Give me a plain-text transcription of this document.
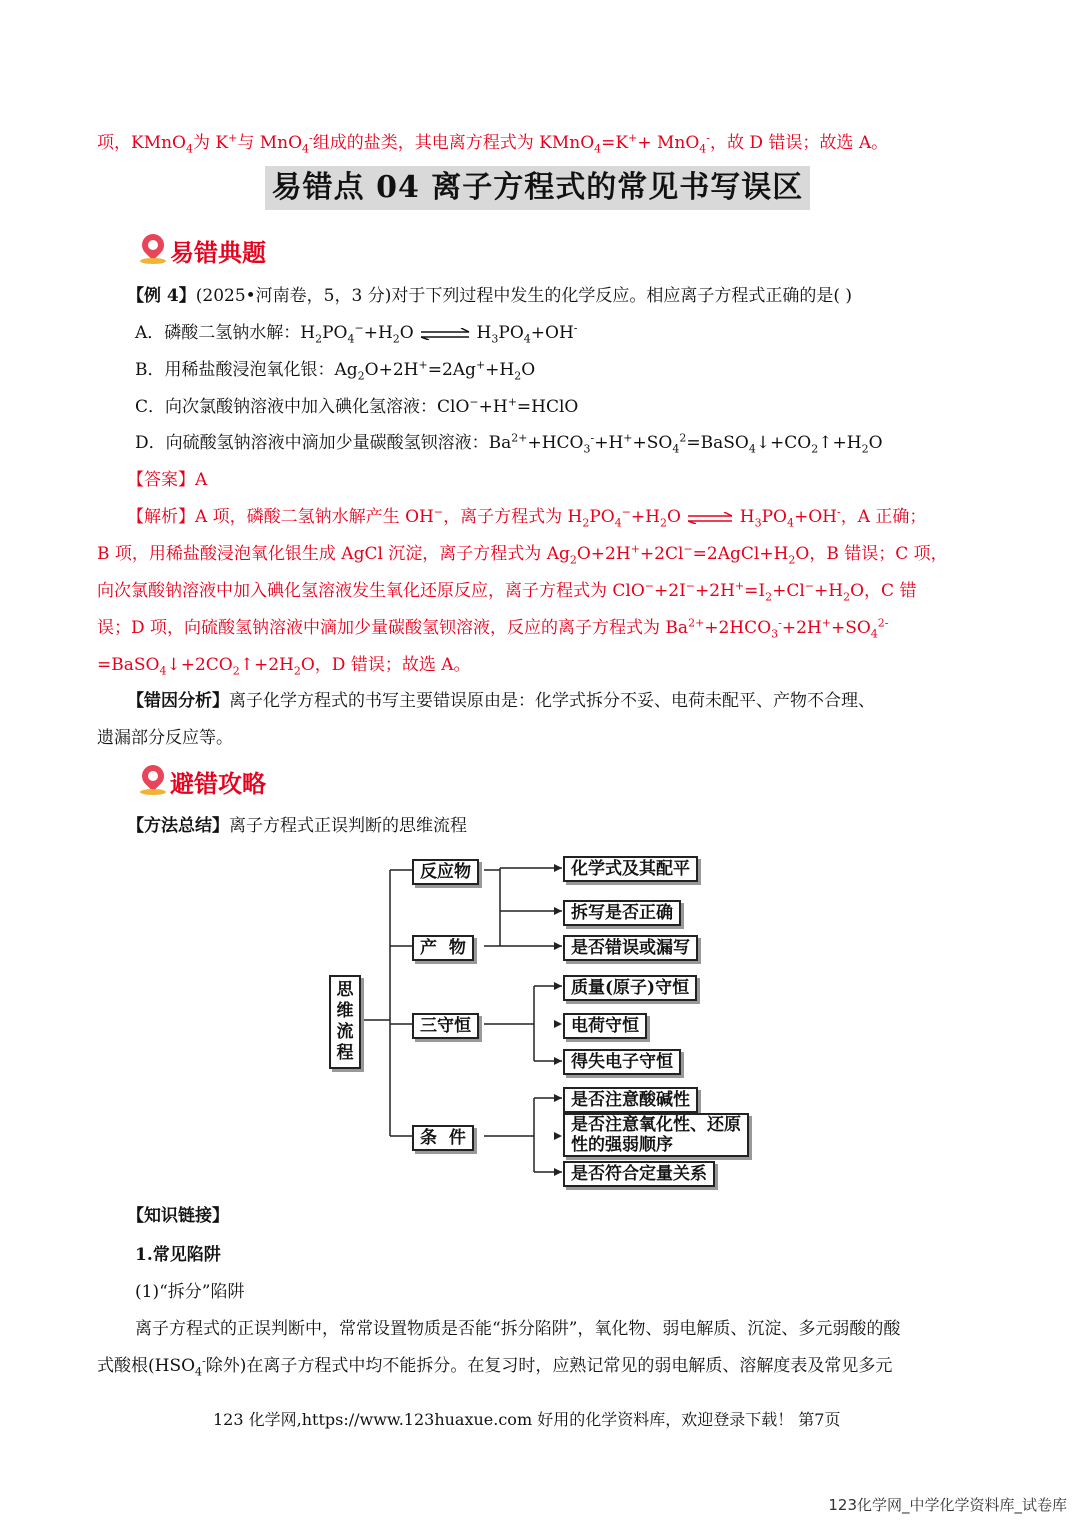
项，KMnO$_4$为 K+与 MnO$_4$-组成的盐类，其电离方程式为 KMnO$_4$=K++ MnO$_4$-，故 D 错误；故选 A。
易错点 04 离子方程式的常见书写误区
易错典题
【例 4】(2025•河南卷，5，3 分)对于下列过程中发生的化学反应。相应离子方程式正确的是( )
A．磷酸二氢钠水解：$H_2PO_4^-+H_2O$ ⇌ $H_3PO_4+OH^-$
B．用稀盐酸浸泡氧化银：$Ag_2O+2H^+=2Ag^++H_2O$
C．向次氯酸钠溶液中加入碘化氢溶液：ClO−+H+=HClO
D．向硫酸氢钠溶液中滴加少量碳酸氢钡溶液：$Ba^{2+}+HCO_3^-+H^++SO_4^2=BaSO_4↓+CO_2↑+H_2O$
【答案】A
【解析】A 项，磷酸二氢钠水解产生 OH−，离子方程式为 $H_2PO_4^-+H_2O$ ⇌ $H_3PO_4+OH^-$，A 正确；
B 项，用稀盐酸浸泡氧化银生成 AgCl 沉淀，离子方程式为 $Ag_2O+2H^++2Cl^-=2AgCl+H_2O$，B 错误；C 项，
向次氯酸钠溶液中加入碘化氢溶液发生氧化还原反应，离子方程式为 $ClO^-+2I^-+2H^+=I_2+Cl^-+H_2O$，C 错
误；D 项，向硫酸氢钠溶液中滴加少量碳酸氢钡溶液，反应的离子方程式为 $Ba^{2+}+2HCO_3^-+2H^++SO_4^{2-}$
$=BaSO_4↓+2CO_2↑+2H_2O$，D 错误；故选 A。
【错因分析】离子化学方程式的书写主要错误原由是：化学式拆分不妥、电荷未配平、产物不合理、
遗漏部分反应等。
避错攻略
【方法总结】离子方程式正误判断的思维流程
思
维
流
程
反应物
产  物
三守恒
条  件
化学式及其配平
拆写是否正确
是否错误或漏写
质量(原子)守恒
电荷守恒
得失电子守恒
是否注意酸碱性
是否注意氧化性、还原
性的强弱顺序
是否符合定量关系
【知识链接】
1.常见陷阱
(1)“拆分”陷阱
离子方程式的正误判断中，常常设置物质是否能“拆分陷阱”，氧化物、弱电解质、沉淀、多元弱酸的酸
式酸根($HSO_4^-$除外)在离子方程式中均不能拆分。在复习时，应熟记常见的弱电解质、溶解度表及常见多元
123 化学网,https://www.123huaxue.com 好用的化学资料库，欢迎登录下载！ 第7页
123化学网_中学化学资料库_试卷库
